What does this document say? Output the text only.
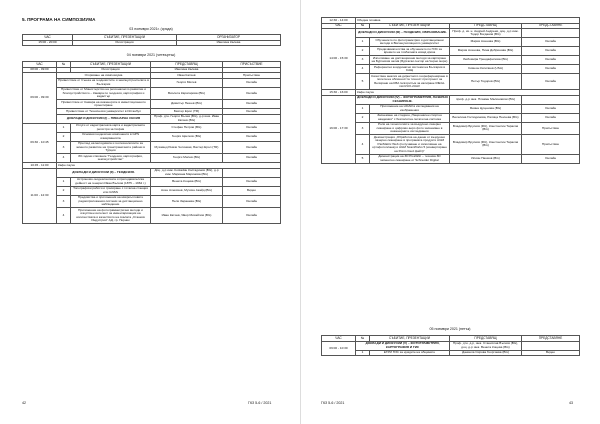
5. ПРОГРАМА НА СИМПОЗИУМА
03 ноември 2021г. (сряда)
ЧАС	СЪБИТИЕ, ПРЕЗЕНТАЦИИ	ОРГАНИЗАТОР
15:00 - 20:00	Регистрация	Ивелина Калева
04 ноември 2021 (четвъртък)
ЧАС	№	СЪБИТИЕ, ПРЕЗЕНТАЦИИ	ПРЕДСТАВЯЩ	ПРИСЪСТВИЕ
08:00 - 09:00		Регистрация	Ивелина Калева	
09:00 - 09:30	Откриване на симпозиума		Иван Кaтиев	Присъствие
	Приветствие от Съюза на геодезистите и землеустроителите в България		Георги Милев	Онлайн
	Приветствие от Министерство на регионалното развитие и благоустройството – Камара по геодезия, картография и кадастър		Виолета Каратарова (BG)	Онлайн
	Приветствие от Камара на инженерите в инвестиционното проектиране		Димитър Пешев (BG)	Онлайн
	Приветствие от Технически университет в Истанбул		Бахтер Ерол (TR)	Онлайн
	ДОКЛАДИ И ДИСКУСИИ (I) – ПЛЕНАРНА СЕСИЯ		Проф. дтн. Георги Вълев (BG), д-р инж. Иван Катиев (BG)	
09:30 - 10:45	1	Услуги от кадастралната карта и кадастралните регистри за София	Стефан Петров (BG)	Онлайн
	2	Основни геодезични компоненти в GPS измерванията	Георги Цветков (BG)	Онлайн
	3	Преглед на методиката и геотехнологиите за земното развитие на трансграничните райони в Турция	Мухамед Ремзи Четинкая, Бахтер Ерол (TR)	Онлайн
	4	80 години списание "Геодезия, картография, землеустройство"	Георги Милев (BG)	Онлайн
10:45 - 11:00	Кафе пауза			
11:00 - 12:30	ДОКЛАДИ И ДИСКУСИИ (II) – ГЕОДЕЗИЯ.		Доц. д-р инж. Кostadин Костадинов (BG), д-р инж. Мариана Маринова (BG)	
	1	Астрономо-геодезическата и преподавателска дейност на генерал Иван Вълков (1875 – 1962 г.)	Венета Коцева (BG)	Онлайн
	2	Топографски работи и трасиране с тотална станция или GNSS	Асен Алексиев, Мухсин Акайд (BG)	Видео
	3	Предимства и приложения на микроъгловите радиоприложения системи за дистанционно наблюдение	Нели Заранева (BG)	Онлайн
	4	Приложение на фотограмметрични методи и изкуствен интелект за инвентаризация на количествата и качеството на скалата „Станков Индустрия" АД, гр. Перник	Иван Катиев, Явор Михайлов (BG)	Онлайн
42	ГКЗ 5-6 / 2021
12:30 - 14:00	Обедна почивка			
ЧАС	№	СЪБИТИЕ, ПРЕЗЕНТАЦИИ	ПРЕДСТАВЯЩ	ПРЕДСТАВЯНЕ
14:00 - 15:30	ДОКЛАДИ И ДИСКУСИИ (III) – ГЕОДЕЗИЯ, ОБРАЗОВАНИЕ.		Проф. д. ик. н. Андрей Андреев, доц. д-р инж. Тодор Богданов (BG)	
	1	Обучението по фотограметрия и дистанционни методи в Висшеучилищното университет	Мария Асенова (BG)	Онлайн
	2	Предизвикателства за обучението по ГИС за времето на глобалната ковид криза	Мария Асенова, Нина Добринова (BG)	Онлайн
	3	Използване на дистанционни методи за картиране на Бургаския залив (Бургаски сектор на Черно море)	Любомира Трендафилова (BG)	Онлайн
	4	Референтни координатни системи на България в САЩ	Симеон Катилиев (USA)	Онлайн
	5	Качествен анализ на директното геореферениране в полета на облачността точност при проект за Белирани на КВА /алгоритъм за калиране RIEGL miniVUX-2UAV	Петър Тодоров (BG)	Онлайн
15:30 - 16:00	Кафе пауза			
16:00 - 17:30	ДОКЛАДИ И ДИСКУСИИ (IV) – ФОТОГРАМЕТРИЯ, ЛАЗЕРНО СКАНИРАНЕ.		проф. д-р инж. Пламен Малиновски (BG)	
	1	Приложение на LIDAR в изследвания на изображения	Янина Цуценова (BG)	Онлайн
	2	Заснемане на стадион „Национален спортен академия" с безпилотна летателна система	Веселина Господинова, Ралица Ненчева (BG)	Онлайн
	3	Роля на технологиите за въздушно лазерно сканиране и цифрово аеро фото заснемане в инженерните изследвания	Владимир Брусков (RU), Константин Тарасов (BG)	Присъствие
	4	Демонстрация „Обработка на данни от въздушно лазерно сканиране в програмата продукти AGM PanMatrix Web (получаване и използване на ортофотоплана) и AGM ScanWorks 5 (конвертиране на Point cloud файл)"	Владимир Брусков (RU), Константин Тарасов (BG)	Присъствие
	5	Демонстрация на 3D PicaWilc – техника 3D моментно сканиране от Schneider Digital	Илиян Пашков (BG)	Онлайн
05 ноември 2021 (петък)
ЧАС	№	СЪБИТИЕ, ПРЕЗЕНТАЦИИ	ПРЕДСТАВЯЩ	ПРЕДСТАВЯНЕ
09:00 - 10:30	ДОКЛАДИ И ДИСКУСИИ (V) – ФОТОГРАМЕТРИЯ, КАРТОГРАФИЯ И ГИС		Проф. дтн. д-р, инж. Станислав Вълков (BG), доц. д-р инж. Венета Коцева (BG)	
	1	ЕГРИ ГИС за нуждите на общините	Даниела Сирова Георгиева (BG)	Видео
ГКЗ 5-6 / 2021	43
